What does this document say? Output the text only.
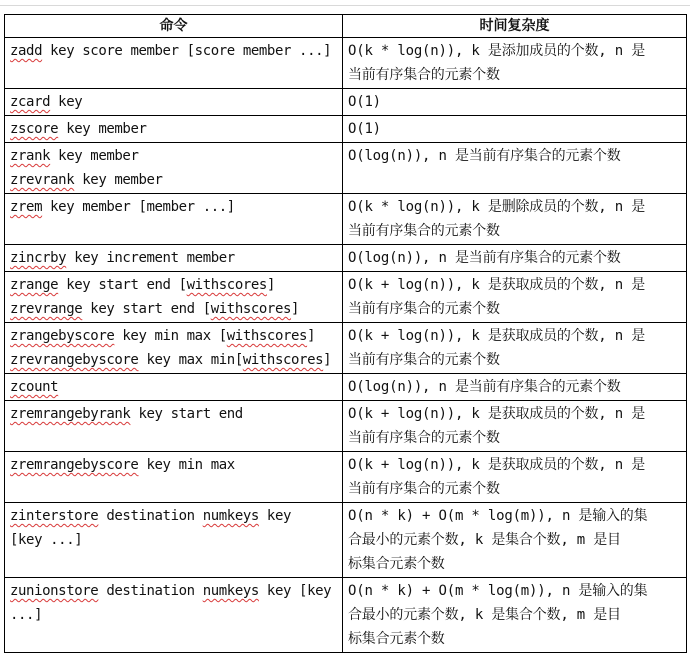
命令	时间复杂度

zadd key score member [score member ...]	O(k * log(n)), k 是添加成员的个数, n 是
当前有序集合的元素个数

zcard key	O(1)

zscore key member	O(1)

zrank key member
zrevrank key member	O(log(n)), n 是当前有序集合的元素个数

zrem key member [member ...]	O(k * log(n)), k 是删除成员的个数, n 是
当前有序集合的元素个数

zincrby key increment member	O(log(n)), n 是当前有序集合的元素个数

zrange key start end [withscores]
zrevrange key start end [withscores]	O(k + log(n)), k 是获取成员的个数, n 是
当前有序集合的元素个数

zrangebyscore key min max [withscores]
zrevrangebyscore key max min[withscores]	O(k + log(n)), k 是获取成员的个数, n 是
当前有序集合的元素个数

zcount	O(log(n)), n 是当前有序集合的元素个数

zremrangebyrank key start end	O(k + log(n)), k 是获取成员的个数, n 是
当前有序集合的元素个数

zremrangebyscore key min max	O(k + log(n)), k 是获取成员的个数, n 是
当前有序集合的元素个数

zinterstore destination numkeys key
[key ...]	O(n * k) + O(m * log(m)), n 是输入的集
合最小的元素个数, k 是集合个数, m 是目
标集合元素个数

zunionstore destination numkeys key [key
...]	O(n * k) + O(m * log(m)), n 是输入的集
合最小的元素个数, k 是集合个数, m 是目
标集合元素个数
